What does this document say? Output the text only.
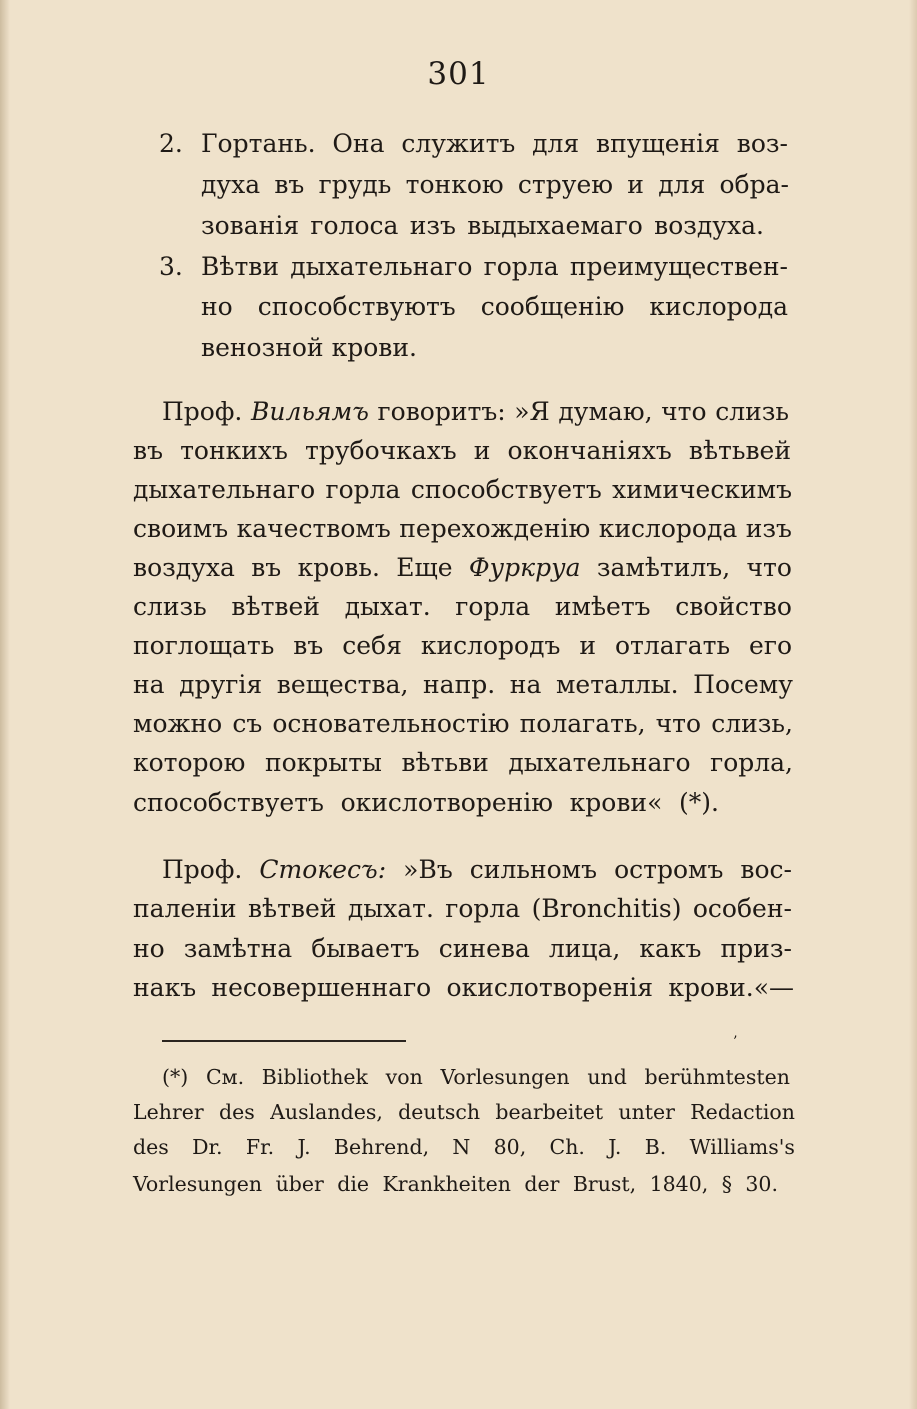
301
2. Гортань. Она служитъ для впущенія воз-
духа въ грудь тонкою струею и для обра-
зованія голоса изъ выдыхаемаго воздуха.
3. Вѣтви дыхательнаго горла преимуществен-
но способствуютъ сообщенію кислорода
венозной крови.
Проф. Вильямъ говоритъ: »Я думаю, что слизь
въ тонкихъ трубочкахъ и окончаніяхъ вѣтьвей
дыхательнаго горла способствуетъ химическимъ
своимъ качествомъ перехожденію кислорода изъ
воздуха въ кровь. Еще Фуркруа замѣтилъ, что
слизь вѣтвей дыхат. горла имѣетъ свойство
поглощать въ себя кислородъ и отлагать его
на другія вещества, напр. на металлы. Посему
можно съ основательностію полагать, что слизь,
которою покрыты вѣтьви дыхательнаго горла,
способствуетъ окислотворенію крови« (*).
Проф. Стокесъ: »Въ сильномъ остромъ вос-
паленіи вѣтвей дыхат. горла (Bronchitis) особен-
но замѣтна бываетъ синева лица, какъ приз-
накъ несовершеннаго окислотворенія крови.«—
’
(*) См. Bibliothek von Vorlesungen und berühmtesten
Lehrer des Auslandes, deutsch bearbeitet unter Redaction
des Dr. Fr. J. Behrend, N 80, Ch. J. B. Williams's
Vorlesungen über die Krankheiten der Brust, 1840, § 30.
